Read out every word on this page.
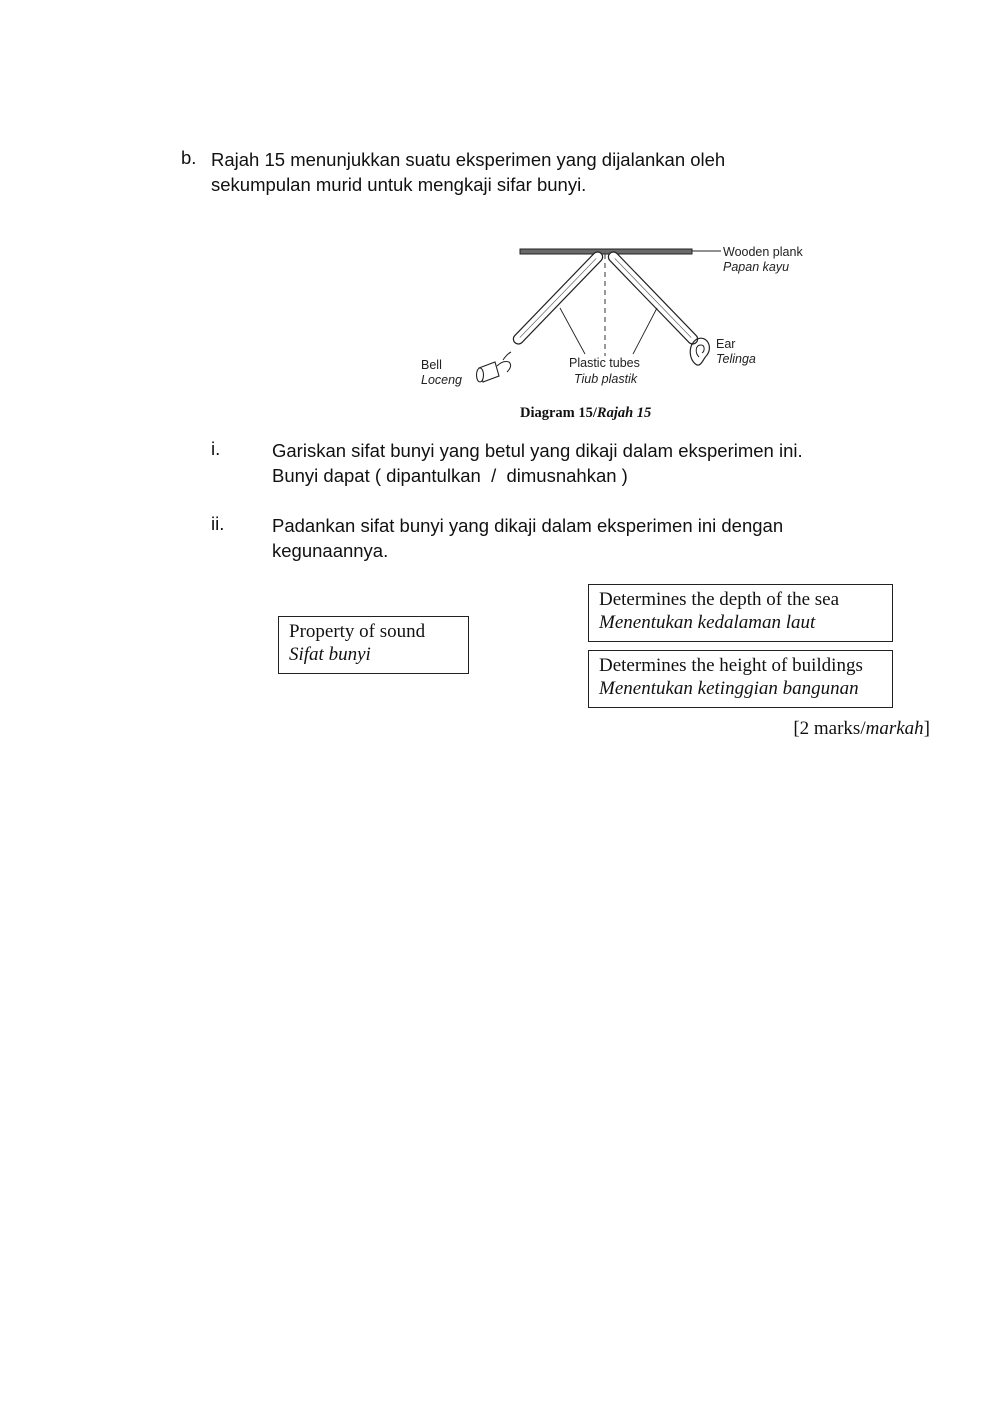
b. Rajah 15 menunjukkan suatu eksperimen yang dijalankan oleh
sekumpulan murid untuk mengkaji sifar bunyi.
Wooden plank
Papan kayu
Ear
Telinga
Bell
Loceng
Plastic tubes
Tiub plastik
Diagram 15/Rajah 15
i.	Gariskan sifat bunyi yang betul yang dikaji dalam eksperimen ini.
Bunyi dapat ( dipantulkan  /  dimusnahkan )
ii.	Padankan sifat bunyi yang dikaji dalam eksperimen ini dengan
kegunaannya.
Property of sound
Sifat bunyi
Determines the depth of the sea
Menentukan kedalaman laut
Determines the height of buildings
Menentukan ketinggian bangunan
[2 marks/markah]
